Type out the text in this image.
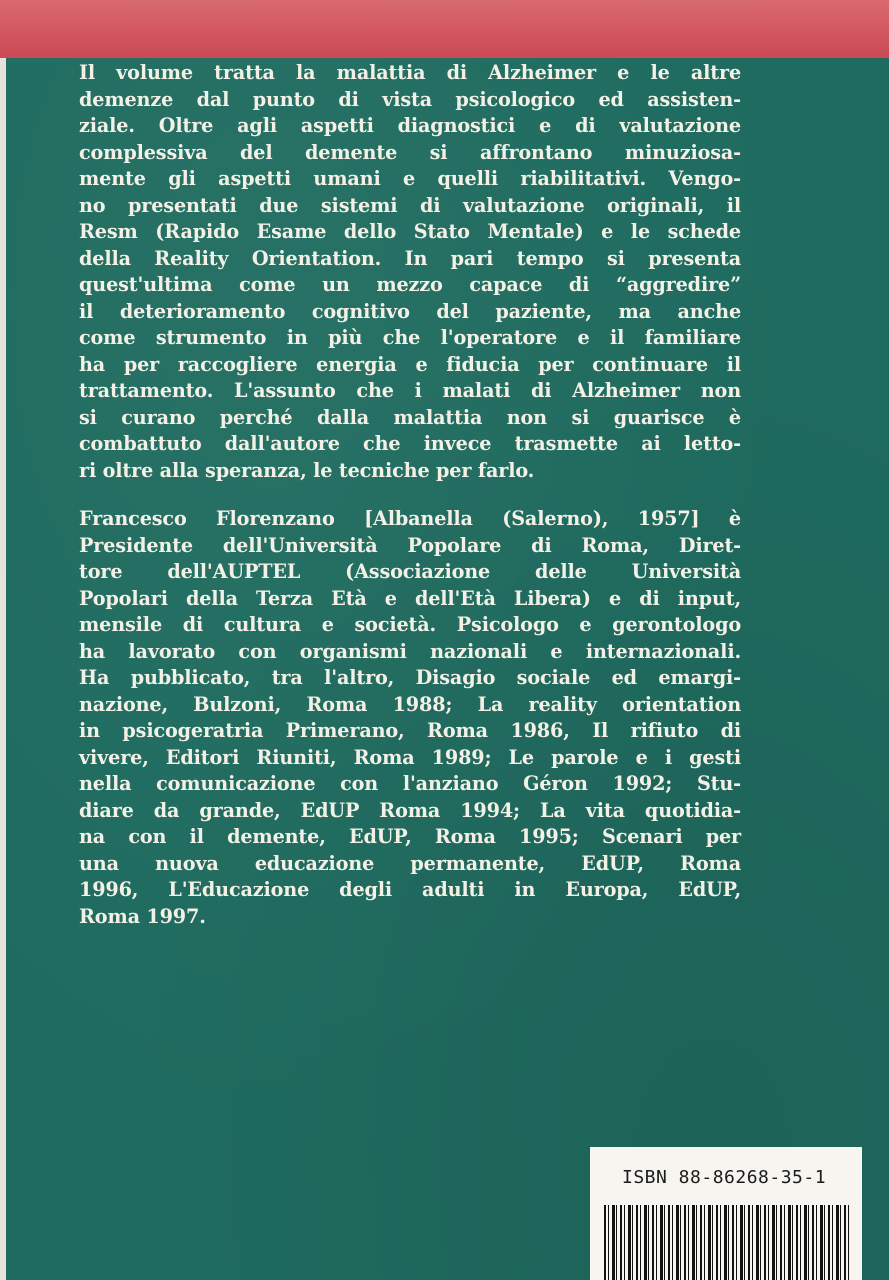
Il volume tratta la malattia di Alzheimer e le altre
demenze dal punto di vista psicologico ed assisten-
ziale. Oltre agli aspetti diagnostici e di valutazione
complessiva del demente si affrontano minuziosa-
mente gli aspetti umani e quelli riabilitativi. Vengo-
no presentati due sistemi di valutazione originali, il
Resm (Rapido Esame dello Stato Mentale) e le schede
della Reality Orientation. In pari tempo si presenta
quest'ultima come un mezzo capace di “aggredire”
il deterioramento cognitivo del paziente, ma anche
come strumento in più che l'operatore e il familiare
ha per raccogliere energia e fiducia per continuare il
trattamento. L'assunto che i malati di Alzheimer non
si curano perché dalla malattia non si guarisce è
combattuto dall'autore che invece trasmette ai letto-
ri oltre alla speranza, le tecniche per farlo.
Francesco Florenzano [Albanella (Salerno), 1957] è
Presidente dell'Università Popolare di Roma, Diret-
tore dell'AUPTEL (Associazione delle Università
Popolari della Terza Età e dell'Età Libera) e di input,
mensile di cultura e società. Psicologo e gerontologo
ha lavorato con organismi nazionali e internazionali.
Ha pubblicato, tra l'altro, Disagio sociale ed emargi-
nazione, Bulzoni, Roma 1988; La reality orientation
in psicogeratria Primerano, Roma 1986, Il rifiuto di
vivere, Editori Riuniti, Roma 1989; Le parole e i gesti
nella comunicazione con l'anziano Géron 1992; Stu-
diare da grande, EdUP Roma 1994; La vita quotidia-
na con il demente, EdUP, Roma 1995; Scenari per
una nuova educazione permanente, EdUP, Roma
1996, L'Educazione degli adulti in Europa, EdUP,
Roma 1997.
ISBN 88-86268-35-1
